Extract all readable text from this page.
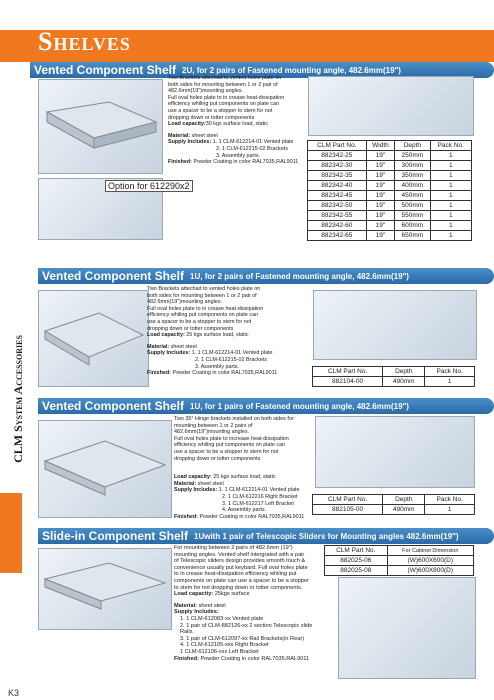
Shelves
CLM System Accessories
Vented Component Shelf 2U, for 2 pairs of Fastened mounting angle, 482.6mm(19")
Option for 612290x2
Two Brackets attechad to vented holes plate on
both sides for mounting between 1 or 2 pair of
482.6mm(19")mounting angles.
Full oval holes plate to in crease heat-dissipation
efficiency whiling put components on plate can
use a spacer to be a stopper to stem for not
dropping down or totter components
Load capacity:30 kgs surface load, static

Material: sheet steel
Supply Includes: 1. 1 CLM-612214-01 Vented plate
2. 1 CLM-612215-02 Brackets
3. Assembly parts.
Finished: Powder Coating in color RAL7035,RAL9011
CLM Part No.	Width	Depth	Pack No.
882342-25	19"	250mm	1
882342-30	19"	300mm	1
882342-35	19"	350mm	1
882342-40	19"	400mm	1
882342-45	19"	450mm	1
882342-50	19"	500mm	1
882342-55	19"	550mm	1
882342-60	19"	600mm	1
882342-65	19"	650mm	1
Vented Component Shelf 1U, for 2 pairs of Fastened mounting angle, 482.6mm(19")
Two Brackets attechad to vented holes plate on
both sides for mounting between 1 or 2 pair of
482.6mm(19")mounting angles.
Full oval holes plate to in crease heat-dissipation
efficiency whiling put components on plate can
use a spacer to be a stopper to stem for not
dropping down or totter components
Load capacity: 25 kgs surface load, static

Material: sheet steel
Supply Includes: 1. 1 CLM-612214-01 Vented plate
2. 1 CLM-612215-02 Brackets
3. Assembly parts.
Finished: Powder Coating in color RAL7035,RAL9011	CLM Part No.	Depth	Pack No.
882104-00	490mm	1
Vented Component Shelf 1U, for 1 pairs of Fastened mounting angle, 482.6mm(19")
Two 35° Hinge brackets installed on both sides for
mounting between 1 or 2 pairs of
482.6mm(19")mounting angles.
Full oval holes plate to increase heat-dissipation
efficiency whiling put components on plate can
use a spacer to be a stopper to stem for not
dropping down or totter components

Load capacity: 25 kgs surface load, static
Material: sheet steel
Supply Includes: 1. 1 CLM-612214-01 Vented plate
2. 1 CLM-612216 Right Bracket
3. 1 CLM-612217 Left Bracket
4. Assembly parts.
Finished: Powder Coating in color RAL7035,RAL9011
CLM Part No.	Depth	Pack No.
882105-00	490mm	1
Slide-in Component Shelf 1Uwith 1 pair of Telescopic Sliders for Mounting angles 482.6mm(19")
For mounting between 2 pairs of 482.6mm (19")
mounting angles. Vented shelf intergrated with a pair
of Telescopic sliders design provides smooth touch &
convenience usually put keybard. Full oval holes plate
to in crease heat-dissipation efficiency whiling put
components on plate can use a spacer to be a stopper
to stem for not dropping down or totter components.
Load capacity: 25kgs surface

Material: sheet steel
Supply Includes:

1. 1 CLM-612083-xx Vented plate
2. 1 pair of CLM-882126-xx 2 section Telescopic slide Rails.
3. 1 pair of CLM-612097-xx Rail Brackets(in Rear)
4. 1 CLM-612105-xxx Right Bracket
1 CLM-612106-xxx Left Bracket
Finished: Powder Coating in color RAL7035,RAL9011
CLM Part No.	For Cabinet Dimension
882025-06	(W)600X600(D)
882025-08	(W)600X800(D)
K3
